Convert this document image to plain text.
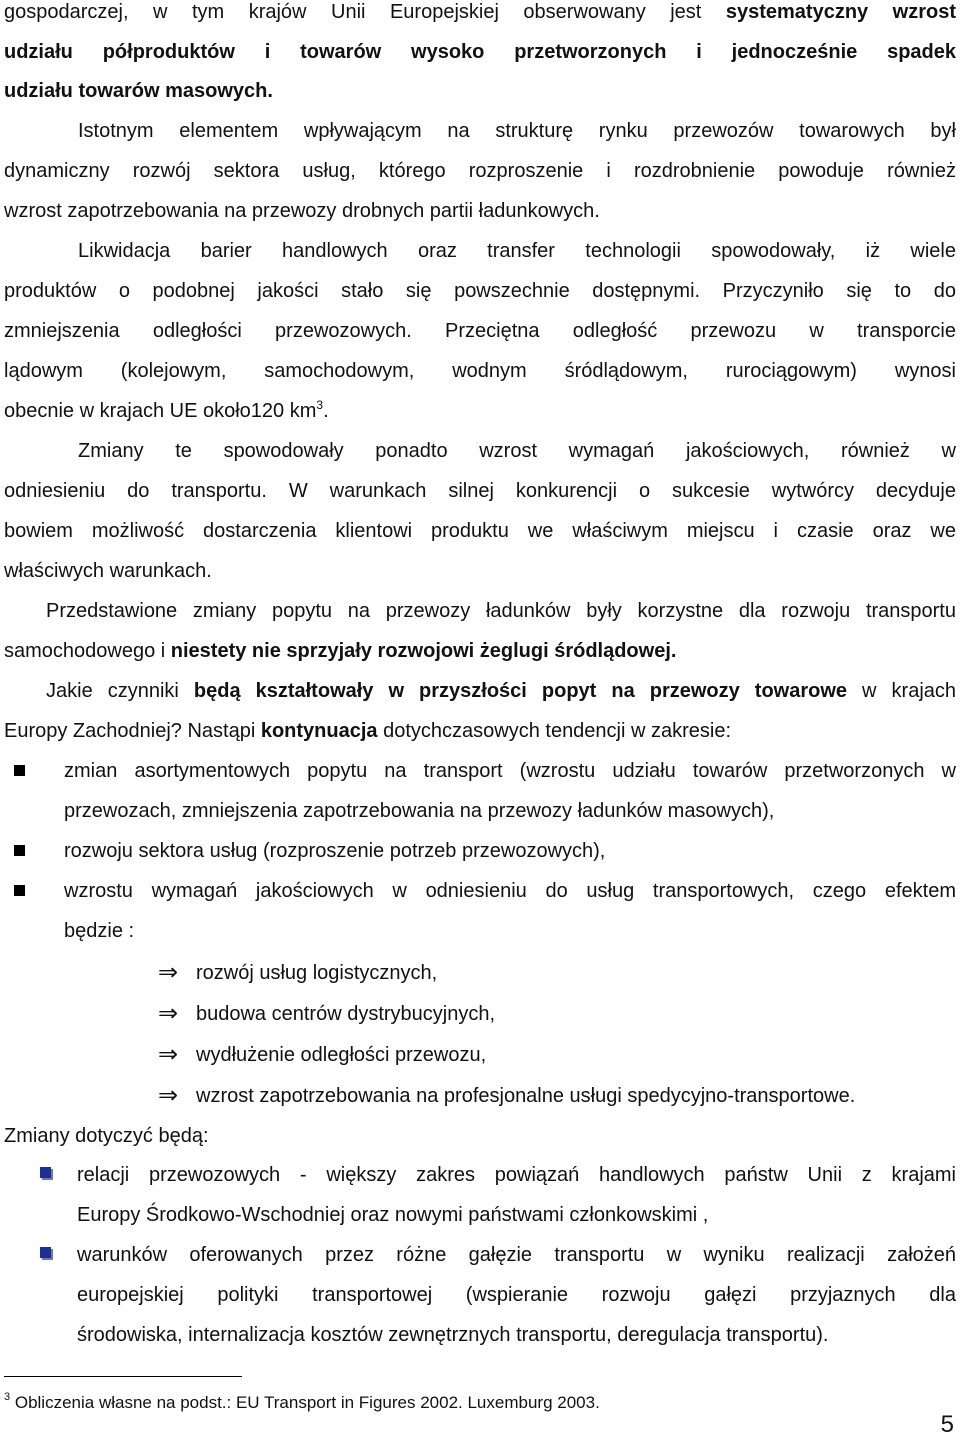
gospodarczej, w tym krajów Unii Europejskiej obserwowany jest systematyczny wzrost
udziału półproduktów i towarów wysoko przetworzonych i jednocześnie spadek
udziału towarów masowych.
Istotnym elementem wpływającym na strukturę rynku przewozów towarowych był
dynamiczny rozwój sektora usług, którego rozproszenie i rozdrobnienie powoduje również
wzrost zapotrzebowania na przewozy drobnych partii ładunkowych.
Likwidacja barier handlowych oraz transfer technologii spowodowały, iż wiele
produktów o podobnej jakości stało się powszechnie dostępnymi. Przyczyniło się to do
zmniejszenia odległości przewozowych. Przeciętna odległość przewozu w transporcie
lądowym (kolejowym, samochodowym, wodnym śródlądowym, rurociągowym) wynosi
obecnie w krajach UE około120 $km^3$.
Zmiany te spowodowały ponadto wzrost wymagań jakościowych, również w
odniesieniu do transportu. W warunkach silnej konkurencji o sukcesie wytwórcy decyduje
bowiem możliwość dostarczenia klientowi produktu we właściwym miejscu i czasie oraz we
właściwych warunkach.
Przedstawione zmiany popytu na przewozy ładunków były korzystne dla rozwoju transportu
samochodowego i niestety nie sprzyjały rozwojowi żeglugi śródlądowej.
Jakie czynniki będą kształtowały w przyszłości popyt na przewozy towarowe w krajach
Europy Zachodniej? Nastąpi kontynuacja dotychczasowych tendencji w zakresie:
zmian asortymentowych popytu na transport (wzrostu udziału towarów przetworzonych w
przewozach, zmniejszenia zapotrzebowania na przewozy ładunków masowych),
rozwoju sektora usług (rozproszenie potrzeb przewozowych),
wzrostu wymagań jakościowych w odniesieniu do usług transportowych, czego efektem
będzie :
⇒ rozwój usług logistycznych,
⇒ budowa centrów dystrybucyjnych,
⇒ wydłużenie odległości przewozu,
⇒ wzrost zapotrzebowania na profesjonalne usługi spedycyjno-transportowe.
Zmiany dotyczyć będą:
relacji przewozowych - większy zakres powiązań handlowych państw Unii z krajami
Europy Środkowo-Wschodniej oraz nowymi państwami członkowskimi ,
warunków oferowanych przez różne gałęzie transportu w wyniku realizacji założeń
europejskiej polityki transportowej (wspieranie rozwoju gałęzi przyjaznych dla
środowiska, internalizacja kosztów zewnętrznych transportu, deregulacja transportu).
$^3$ Obliczenia własne na podst.: EU Transport in Figures 2002. Luxemburg 2003.
5
